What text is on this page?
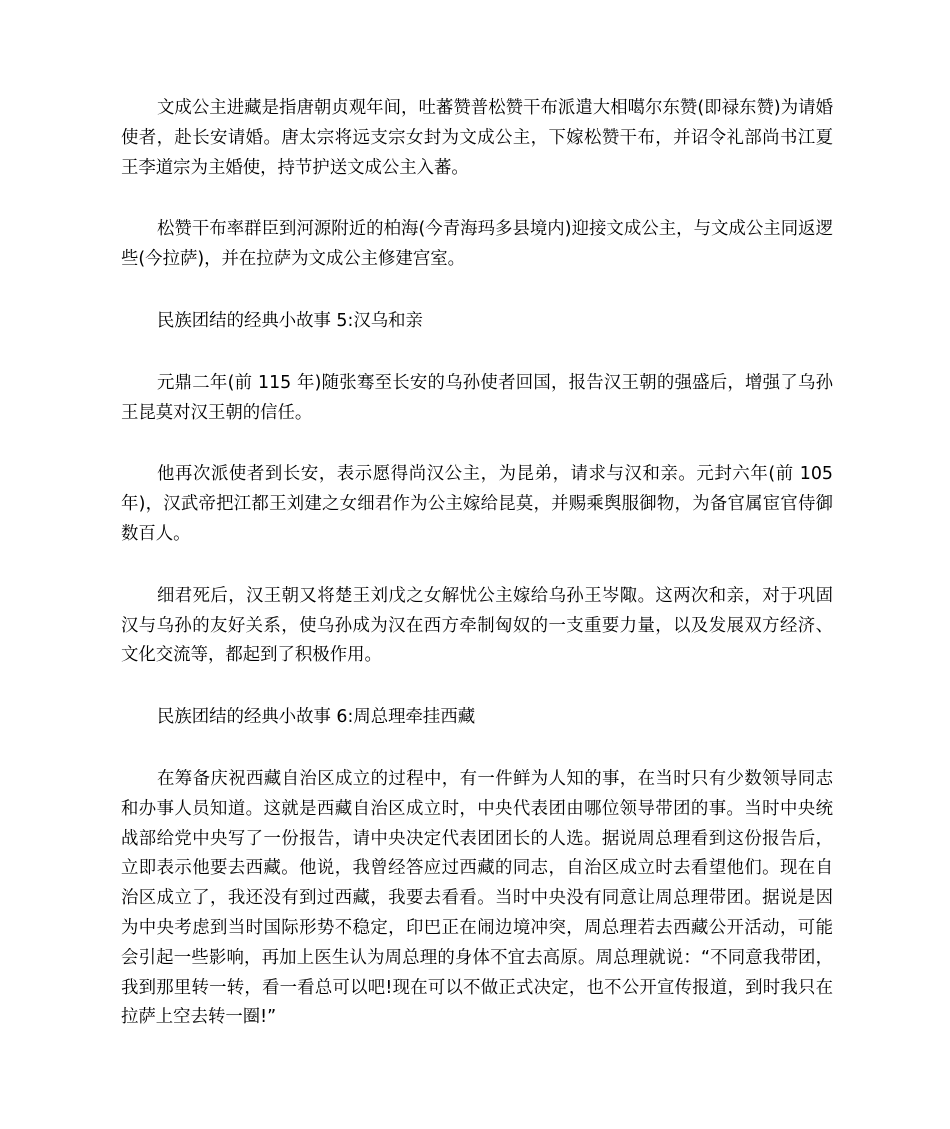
文成公主进藏是指唐朝贞观年间，吐蕃赞普松赞干布派遣大相噶尔东赞(即禄东赞)为请婚使者，赴长安请婚。唐太宗将远支宗女封为文成公主，下嫁松赞干布，并诏令礼部尚书江夏王李道宗为主婚使，持节护送文成公主入蕃。

松赞干布率群臣到河源附近的柏海(今青海玛多县境内)迎接文成公主，与文成公主同返逻些(今拉萨)，并在拉萨为文成公主修建宫室。

民族团结的经典小故事 5:汉乌和亲

元鼎二年(前 115 年)随张骞至长安的乌孙使者回国，报告汉王朝的强盛后，增强了乌孙王昆莫对汉王朝的信任。

他再次派使者到长安，表示愿得尚汉公主，为昆弟，请求与汉和亲。元封六年(前 105 年)，汉武帝把江都王刘建之女细君作为公主嫁给昆莫，并赐乘舆服御物，为备官属宦官侍御数百人。

细君死后，汉王朝又将楚王刘戊之女解忧公主嫁给乌孙王岑陬。这两次和亲，对于巩固汉与乌孙的友好关系，使乌孙成为汉在西方牵制匈奴的一支重要力量，以及发展双方经济、文化交流等，都起到了积极作用。

民族团结的经典小故事 6:周总理牵挂西藏

在筹备庆祝西藏自治区成立的过程中，有一件鲜为人知的事，在当时只有少数领导同志和办事人员知道。这就是西藏自治区成立时，中央代表团由哪位领导带团的事。当时中央统战部给党中央写了一份报告，请中央决定代表团团长的人选。据说周总理看到这份报告后，立即表示他要去西藏。他说，我曾经答应过西藏的同志，自治区成立时去看望他们。现在自治区成立了，我还没有到过西藏，我要去看看。当时中央没有同意让周总理带团。据说是因为中央考虑到当时国际形势不稳定，印巴正在闹边境冲突，周总理若去西藏公开活动，可能会引起一些影响，再加上医生认为周总理的身体不宜去高原。周总理就说：“不同意我带团，我到那里转一转，看一看总可以吧!现在可以不做正式决定，也不公开宣传报道，到时我只在拉萨上空去转一圈!”
